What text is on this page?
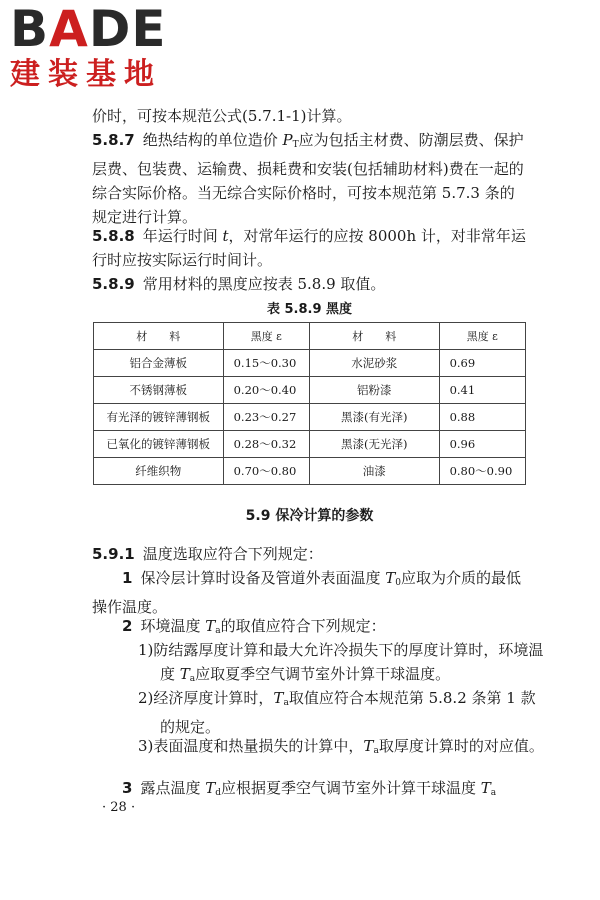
BADE
建装基地

价时，可按本规范公式(5.7.1-1)计算。

5.8.7 绝热结构的单位造价 $P_T$应为包括主材费、防潮层费、保护层费、包装费、运输费、损耗费和安装(包括辅助材料)费在一起的综合实际价格。当无综合实际价格时，可按本规范第 5.7.3 条的规定进行计算。

5.8.8 年运行时间 t，对常年运行的应按 8000h 计，对非常年运行时应按实际运行时间计。

5.8.9 常用材料的黑度应按表 5.8.9 取值。

表 5.8.9 黑度
材　　料	黑度 ε	材　　料	黑度 ε
铝合金薄板	0.15～0.30	水泥砂浆	0.69
不锈钢薄板	0.20～0.40	铝粉漆	0.41
有光泽的镀锌薄钢板	0.23～0.27	黑漆(有光泽)	0.88
已氧化的镀锌薄钢板	0.28～0.32	黑漆(无光泽)	0.96
纤维织物	0.70～0.80	油漆	0.80～0.90
5.9 保冷计算的参数

5.9.1 温度选取应符合下列规定：

1 保冷层计算时设备及管道外表面温度 $T_0$应取为介质的最低操作温度。

2 环境温度 $T_a$的取值应符合下列规定：

1)防结露厚度计算和最大允许冷损失下的厚度计算时，环境温度 $T_a$应取夏季空气调节室外计算干球温度。

2)经济厚度计算时，$T_a$取值应符合本规范第 5.8.2 条第 1 款的规定。

3)表面温度和热量损失的计算中，$T_a$取厚度计算时的对应值。

3 露点温度 $T_d$应根据夏季空气调节室外计算干球温度 $T_a$

· 28 ·
